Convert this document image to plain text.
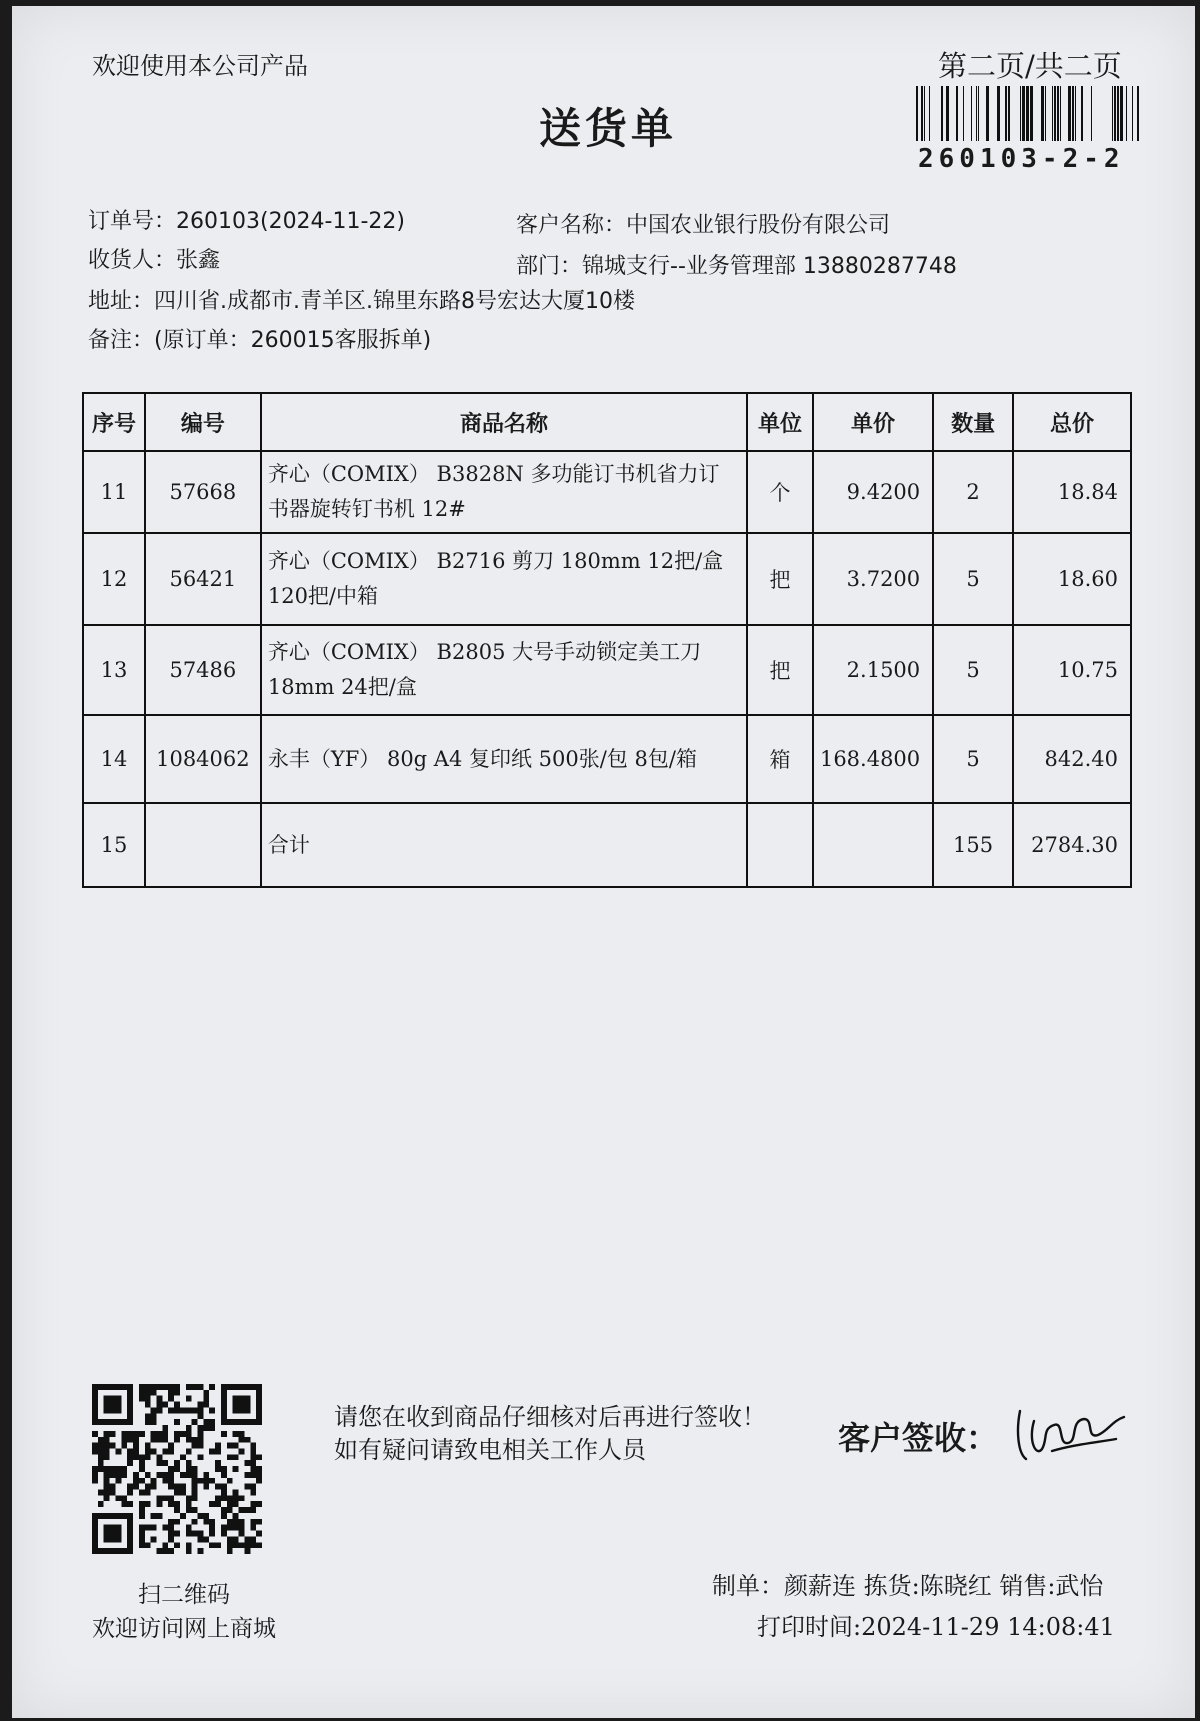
欢迎使用本公司产品	第二页/共二页
送货单
260103-2-2
订单号：260103(2024-11-22)	客户名称：中国农业银行股份有限公司
收货人：张鑫	部门：锦城支行--业务管理部 13880287748
地址：四川省.成都市.青羊区.锦里东路8号宏达大厦10楼
备注：(原订单：260015客服拆单)
序号	编号	商品名称	单位	单价	数量	总价
11	57668	齐心（COMIX） B3828N 多功能订书机省力订书器旋转钉书机 12#	个	9.4200	2	18.84
12	56421	齐心（COMIX） B2716 剪刀 180mm 12把/盒 120把/中箱	把	3.7200	5	18.60
13	57486	齐心（COMIX） B2805 大号手动锁定美工刀 18mm 24把/盒	把	2.1500	5	10.75
14	1084062	永丰（YF） 80g A4 复印纸 500张/包 8包/箱	箱	168.4800	5	842.40
15		合计			155	2784.30
扫二维码
欢迎访问网上商城
请您在收到商品仔细核对后再进行签收！如有疑问请致电相关工作人员	客户签收：
制单：颜薪连 拣货:陈晓红 销售:武怡
打印时间:2024-11-29 14:08:41
